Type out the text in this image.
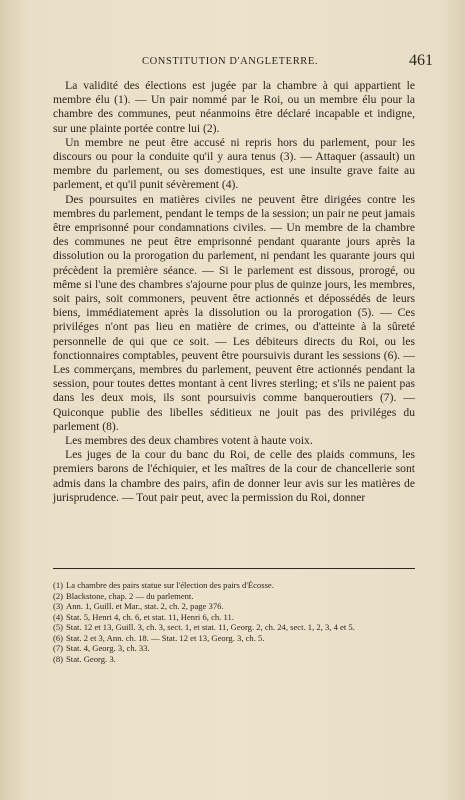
CONSTITUTION D'ANGLETERRE.	461

La validité des élections est jugée par la chambre à qui appartient le membre élu (1). — Un pair nommé par le Roi, ou un membre élu pour la chambre des communes, peut néanmoins être déclaré incapable et indigne, sur une plainte portée contre lui (2).

Un membre ne peut être accusé ni repris hors du parlement, pour les discours ou pour la conduite qu'il y aura tenus (3). — Attaquer (assault) un membre du parlement, ou ses domestiques, est une insulte grave faite au parlement, et qu'il punit sévèrement (4).

Des poursuites en matières civiles ne peuvent être dirigées contre les membres du parlement, pendant le temps de la session; un pair ne peut jamais être emprisonné pour condamnations civiles. — Un membre de la chambre des communes ne peut être emprisonné pendant quarante jours après la dissolution ou la prorogation du parlement, ni pendant les quarante jours qui précèdent la première séance. — Si le parlement est dissous, prorogé, ou même si l'une des chambres s'ajourne pour plus de quinze jours, les membres, soit pairs, soit commoners, peuvent être actionnés et dépossédés de leurs biens, immédiatement après la dissolution ou la prorogation (5). — Ces priviléges n'ont pas lieu en matière de crimes, ou d'atteinte à la sûreté personnelle de qui que ce soit. — Les débiteurs directs du Roi, ou les fonctionnaires comptables, peuvent être poursuivis durant les sessions (6). — Les commerçans, membres du parlement, peuvent être actionnés pendant la session, pour toutes dettes montant à cent livres sterling; et s'ils ne paient pas dans les deux mois, ils sont poursuivis comme banqueroutiers (7). — Quiconque publie des libelles séditieux ne jouit pas des priviléges du parlement (8).

Les membres des deux chambres votent à haute voix.

Les juges de la cour du banc du Roi, de celle des plaids communs, les premiers barons de l'échiquier, et les maîtres de la cour de chancellerie sont admis dans la chambre des pairs, afin de donner leur avis sur les matières de jurisprudence. — Tout pair peut, avec la permission du Roi, donner

(1) La chambre des pairs statue sur l'élection des pairs d'Écosse.

(2) Blackstone, chap. 2 — du parlement.

(3) Ann. 1, Guill. et Mar., stat. 2, ch. 2, page 376.

(4) Stat. 5, Henri 4, ch. 6, et stat. 11, Henri 6, ch. 11.

(5) Stat. 12 et 13, Guill. 3, ch. 3, sect. 1, et stat. 11, Georg. 2, ch. 24, sect. 1, 2, 3, 4 et 5.

(6) Stat. 2 et 3, Ann. ch. 18. — Stat. 12 et 13, Georg. 3, ch. 5.

(7) Stat. 4, Georg. 3, ch. 33.

(8) Stat. Georg. 3.
